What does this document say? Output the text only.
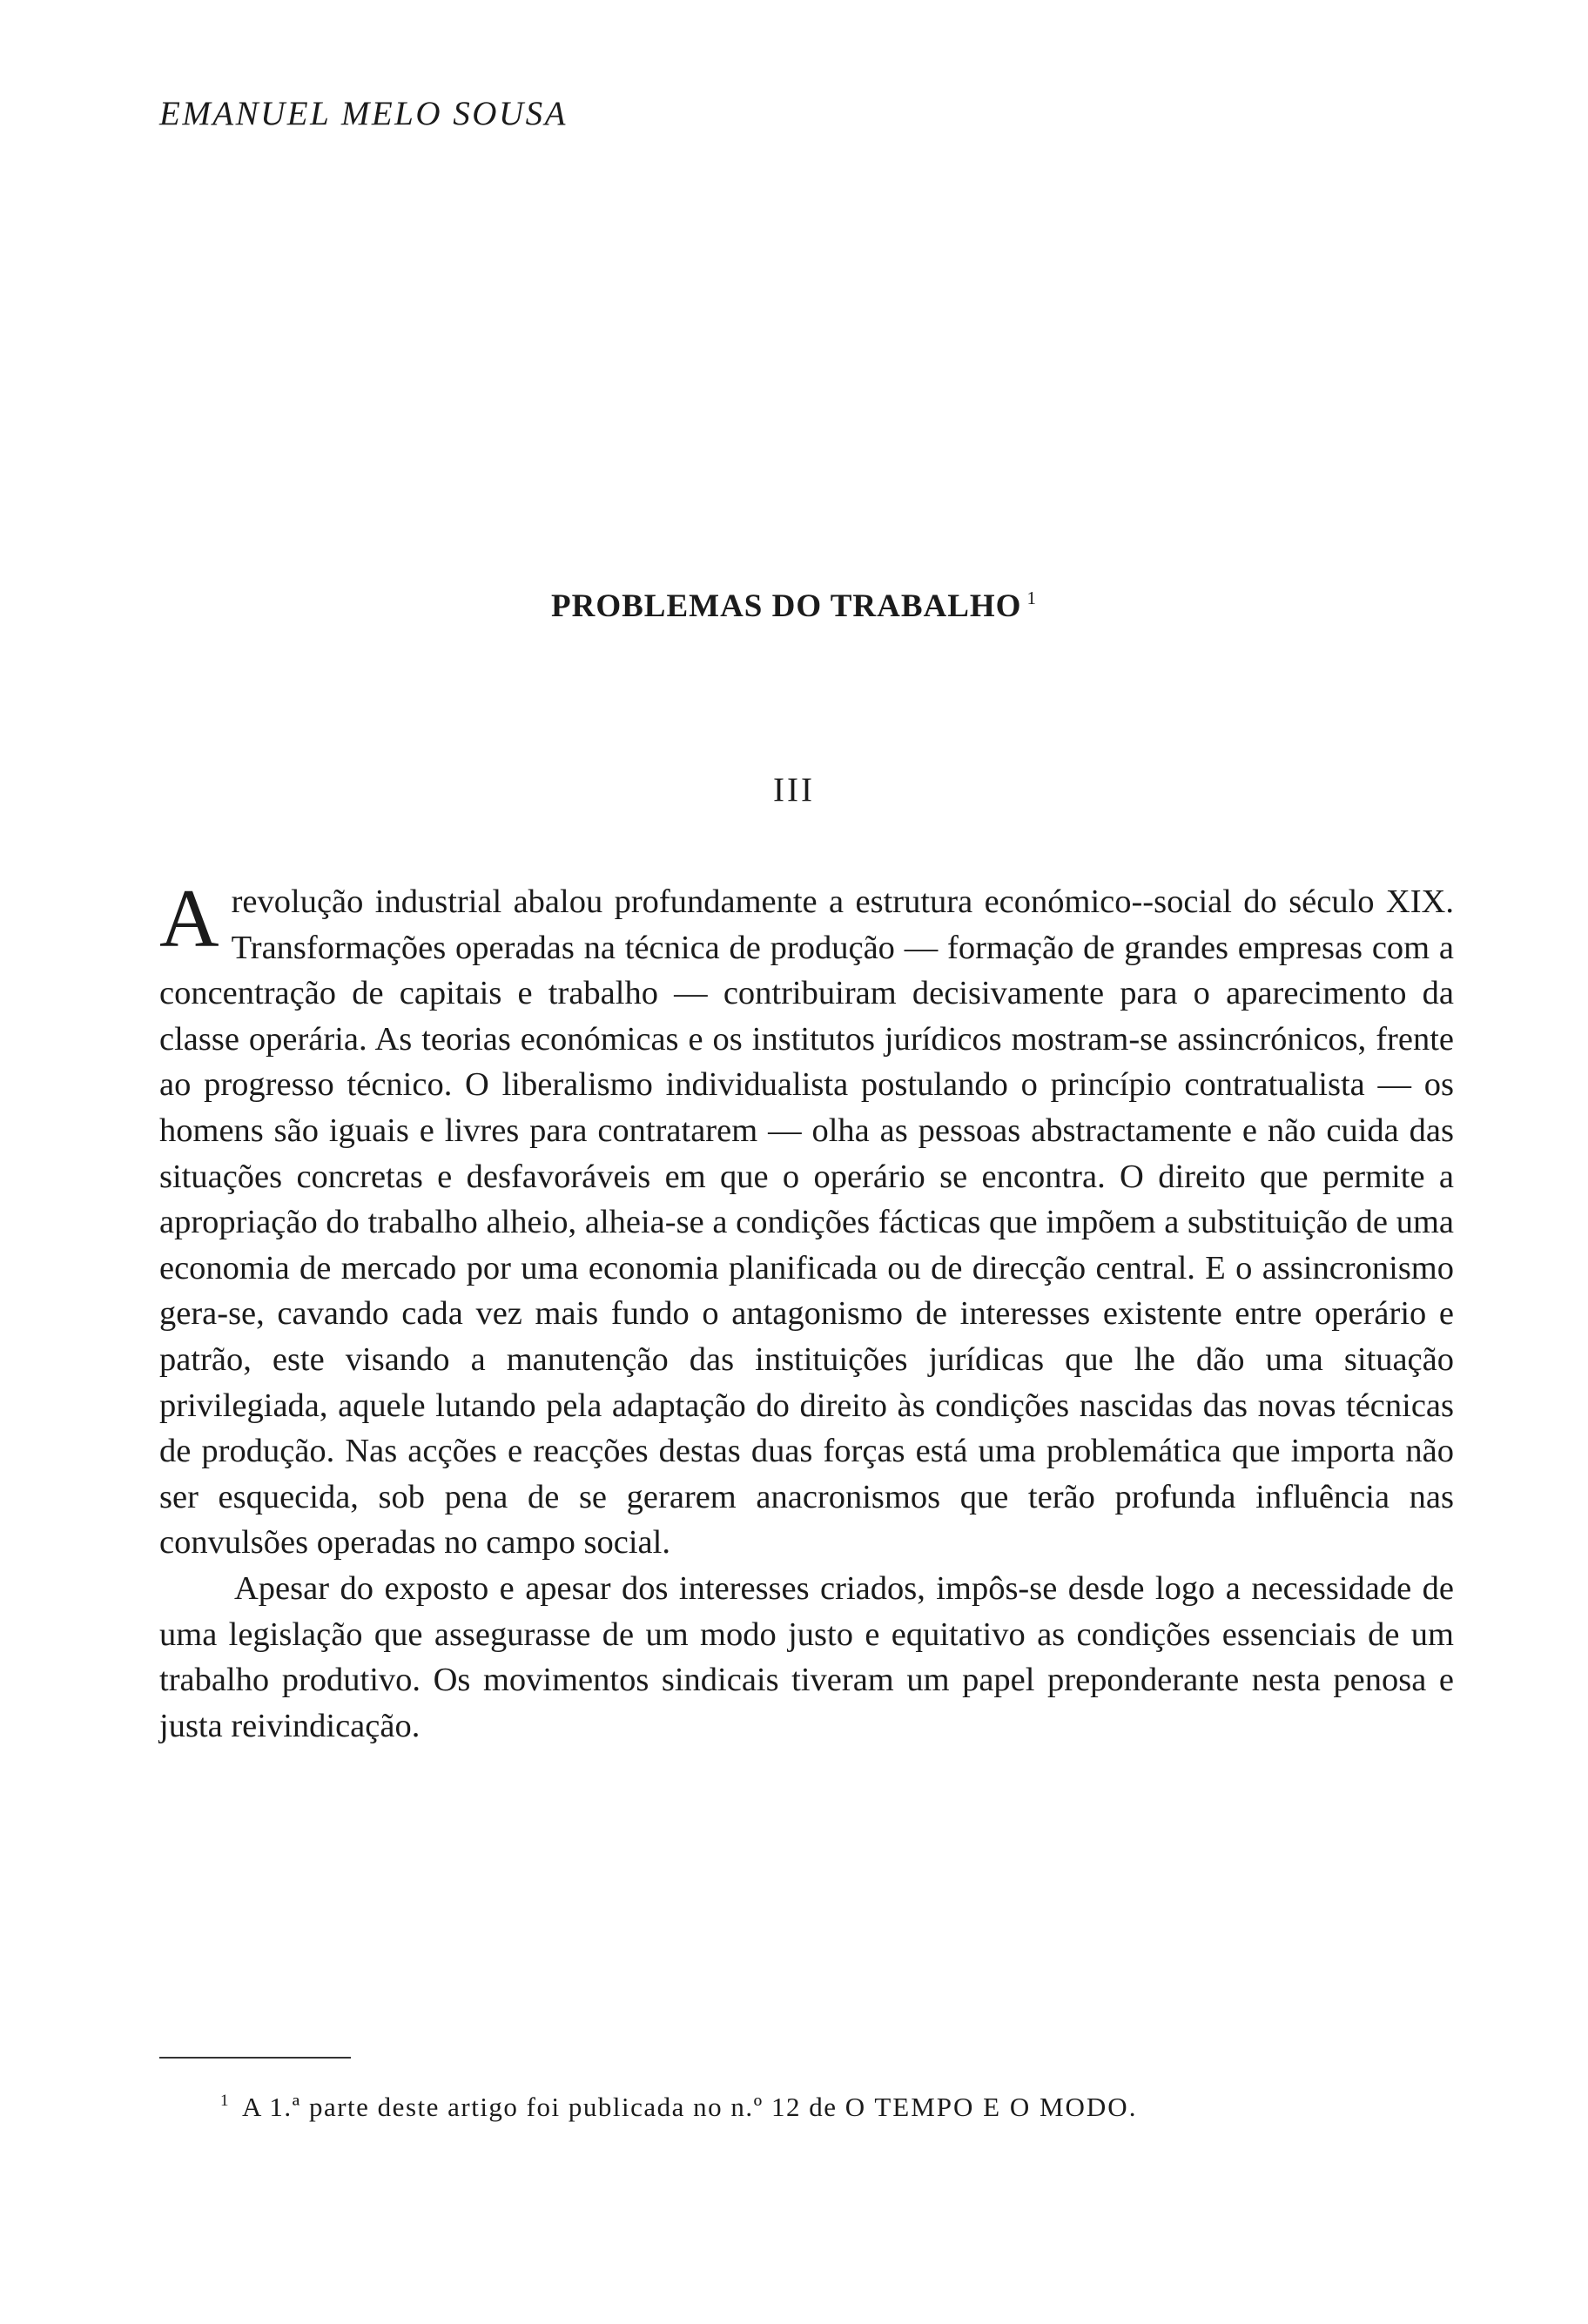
EMANUEL MELO SOUSA
PROBLEMAS DO TRABALHO $^1$
III

Arevolução industrial abalou profundamente a estrutura económico--social do século XIX. Transformações operadas na técnica de produção — formação de grandes empresas com a concentração de capitais e trabalho — contribuiram decisivamente para o aparecimento da classe operária. As teorias económicas e os institutos jurídicos mostram-se assincrónicos, frente ao progresso técnico. O liberalismo individualista postulando o princípio contratualista — os homens são iguais e livres para contratarem — olha as pessoas abstractamente e não cuida das situações concretas e desfavoráveis em que o operário se encontra. O direito que permite a apropriação do trabalho alheio, alheia-se a condições fácticas que impõem a substituição de uma economia de mercado por uma economia planificada ou de direcção central. E o assincronismo gera-se, cavando cada vez mais fundo o antagonismo de interesses existente entre operário e patrão, este visando a manutenção das instituições jurídicas que lhe dão uma situação privilegiada, aquele lutando pela adaptação do direito às condições nascidas das novas técnicas de produção. Nas acções e reacções destas duas forças está uma problemática que importa não ser esquecida, sob pena de se gerarem anacronismos que terão profunda influência nas convulsões operadas no campo social.

Apesar do exposto e apesar dos interesses criados, impôs-se desde logo a necessidade de uma legislação que assegurasse de um modo justo e equitativo as condições essenciais de um trabalho produtivo. Os movimentos sindicais tiveram um papel preponderante nesta penosa e justa reivindicação.

$^1$ A 1.ª parte deste artigo foi publicada no n.º 12 de O TEMPO E O MODO.
